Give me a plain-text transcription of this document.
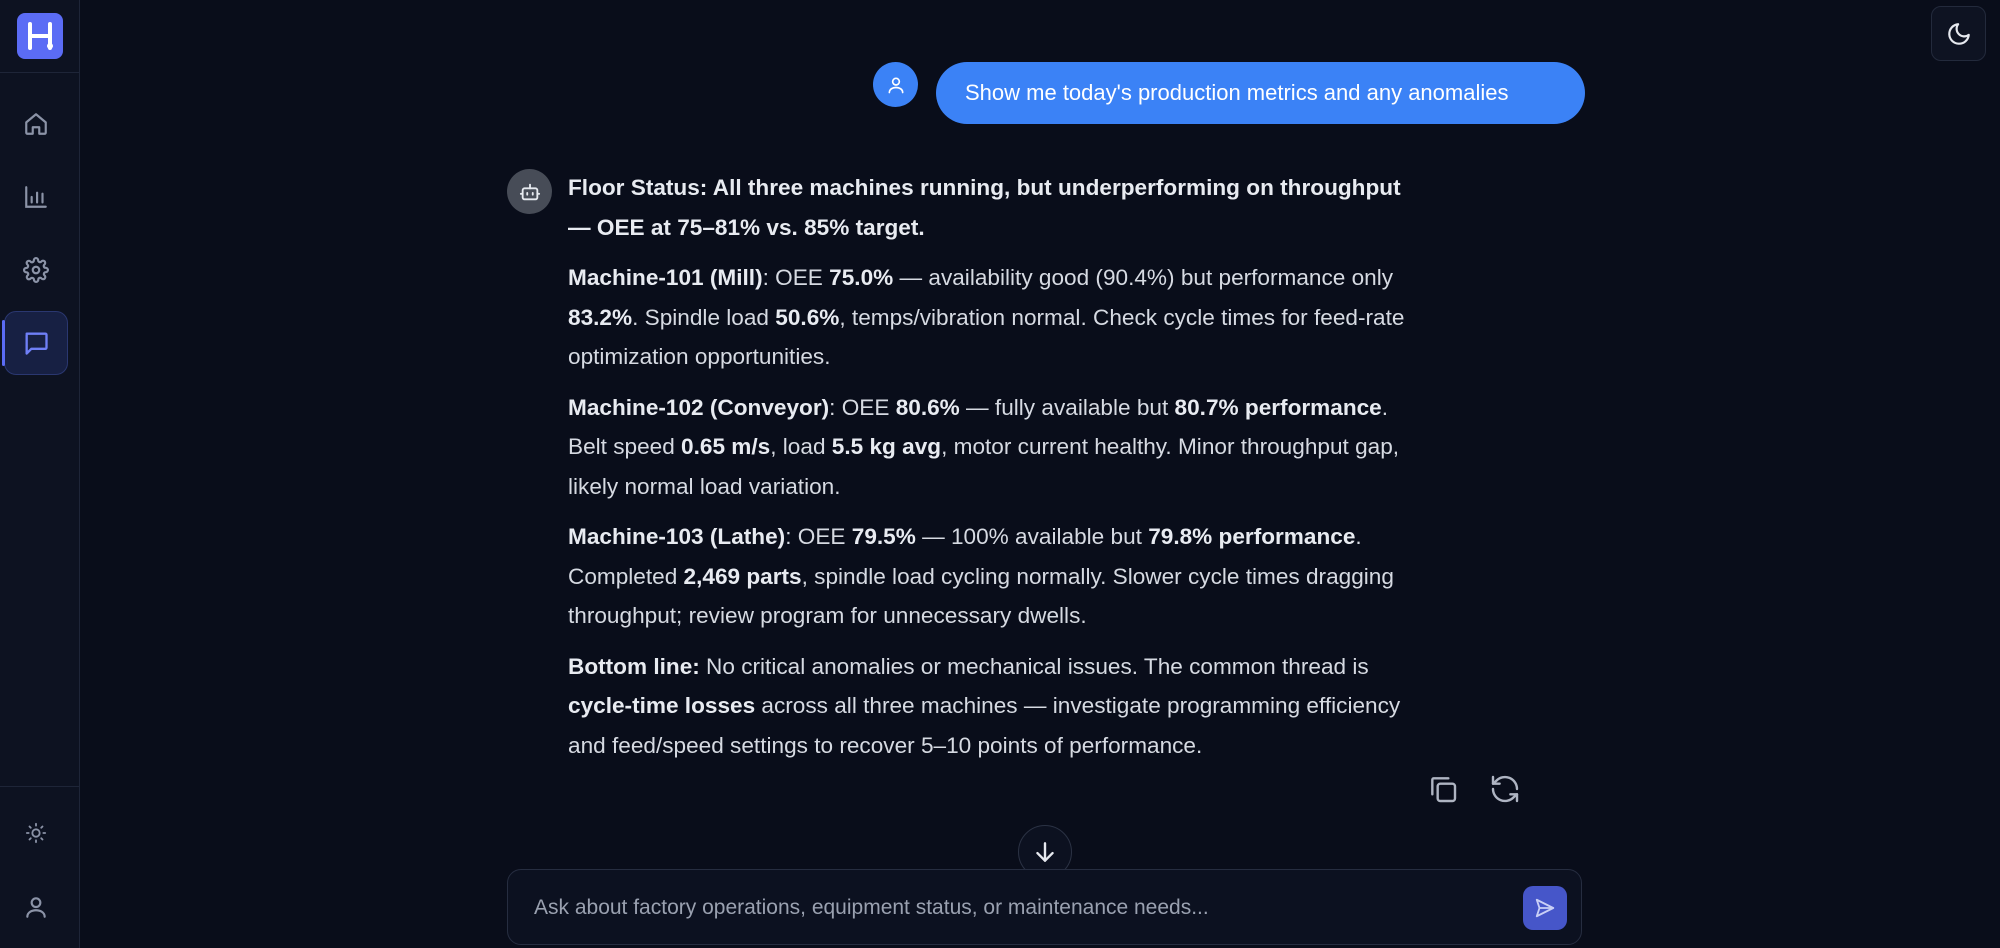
Show me today's production metrics and any anomalies

Floor Status: All three machines running, but underperforming on throughput — OEE at 75–81% vs. 85% target.

Machine-101 (Mill): OEE 75.0% — availability good (90.4%) but performance only 83.2%. Spindle load 50.6%, temps/vibration normal. Check cycle times for feed-rate optimization opportunities.

Machine-102 (Conveyor): OEE 80.6% — fully available but 80.7% performance. Belt speed 0.65 m/s, load 5.5 kg avg, motor current healthy. Minor throughput gap, likely normal load variation.

Machine-103 (Lathe): OEE 79.5% — 100% available but 79.8% performance. Completed 2,469 parts, spindle load cycling normally. Slower cycle times dragging throughput; review program for unnecessary dwells.

Bottom line: No critical anomalies or mechanical issues. The common thread is cycle-time losses across all three machines — investigate programming efficiency and feed/speed settings to recover 5–10 points of performance.

Ask about factory operations, equipment status, or maintenance needs...
